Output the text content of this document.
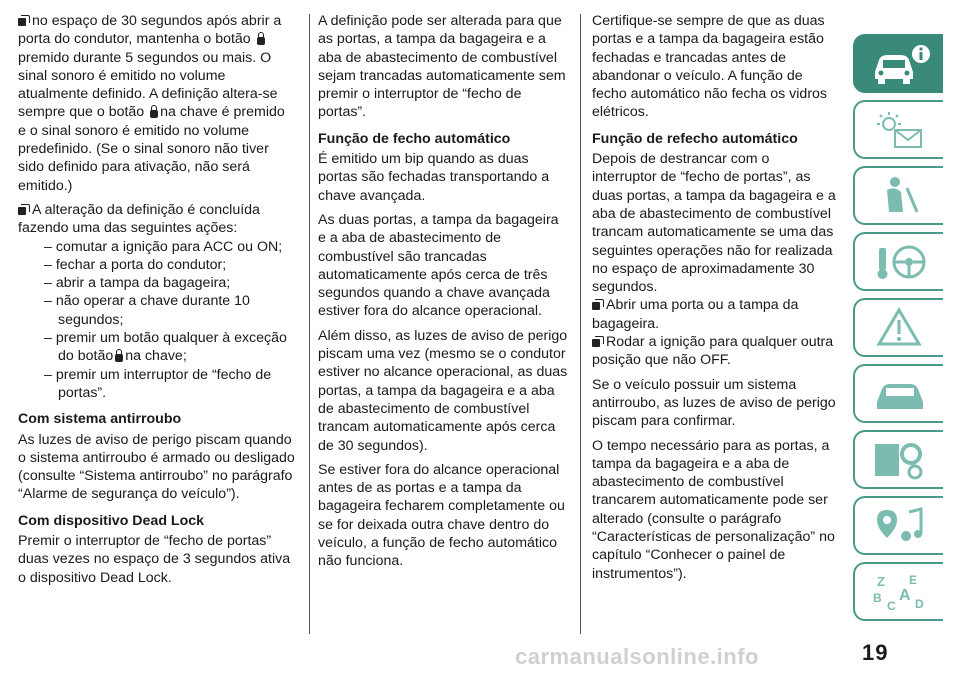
no espaço de 30 segundos após abrir a porta do condutor, mantenha o botão premido durante 5 segundos ou mais. O sinal sonoro é emitido no volume atualmente definido. A definição altera-se sempre que o botão na chave é premido e o sinal sonoro é emitido no volume predefinido. (Se o sinal sonoro não tiver sido definido para ativação, não será emitido.)

A alteração da definição é concluída fazendo uma das seguintes ações:

– comutar a ignição para ACC ou ON;
– fechar a porta do condutor;
– abrir a tampa da bagageira;
– não operar a chave durante 10 segundos;
– premir um botão qualquer à exceção do botão na chave;
– premir um interruptor de “fecho de portas”.
Com sistema antirroubo

As luzes de aviso de perigo piscam quando o sistema antirroubo é armado ou desligado (consulte “Sistema antirroubo” no parágrafo “Alarme de segurança do veículo”).

Com dispositivo Dead Lock

Premir o interruptor de “fecho de portas” duas vezes no espaço de 3 segundos ativa o dispositivo Dead Lock.

A definição pode ser alterada para que as portas, a tampa da bagageira e a aba de abastecimento de combustível sejam trancadas automaticamente sem premir o interruptor de “fecho de portas”.

Função de fecho automático

É emitido um bip quando as duas portas são fechadas transportando a chave avançada.

As duas portas, a tampa da bagageira e a aba de abastecimento de combustível são trancadas automaticamente após cerca de três segundos quando a chave avançada estiver fora do alcance operacional.

Além disso, as luzes de aviso de perigo piscam uma vez (mesmo se o condutor estiver no alcance operacional, as duas portas, a tampa da bagageira e a aba de abastecimento de combustível trancam automaticamente após cerca de 30 segundos).

Se estiver fora do alcance operacional antes de as portas e a tampa da bagageira fecharem completamente ou se for deixada outra chave dentro do veículo, a função de fecho automático não funciona.

Certifique-se sempre de que as duas portas e a tampa da bagageira estão fechadas e trancadas antes de abandonar o veículo. A função de fecho automático não fecha os vidros elétricos.

Função de refecho automático

Depois de destrancar com o interruptor de “fecho de portas”, as duas portas, a tampa da bagageira e a aba de abastecimento de combustível trancam automaticamente se uma das seguintes operações não for realizada no espaço de aproximadamente 30 segundos.

Abrir uma porta ou a tampa da bagageira.

Rodar a ignição para qualquer outra posição que não OFF.

Se o veículo possuir um sistema antirroubo, as luzes de aviso de perigo piscam para confirmar.

O tempo necessário para as portas, a tampa da bagageira e a aba de abastecimento de combustível trancarem automaticamente pode ser alterado (consulte o parágrafo “Características de personalização” no capítulo “Conhecer o painel de instrumentos”).	Z E
B A
C D
carmanualsonline.info	19
